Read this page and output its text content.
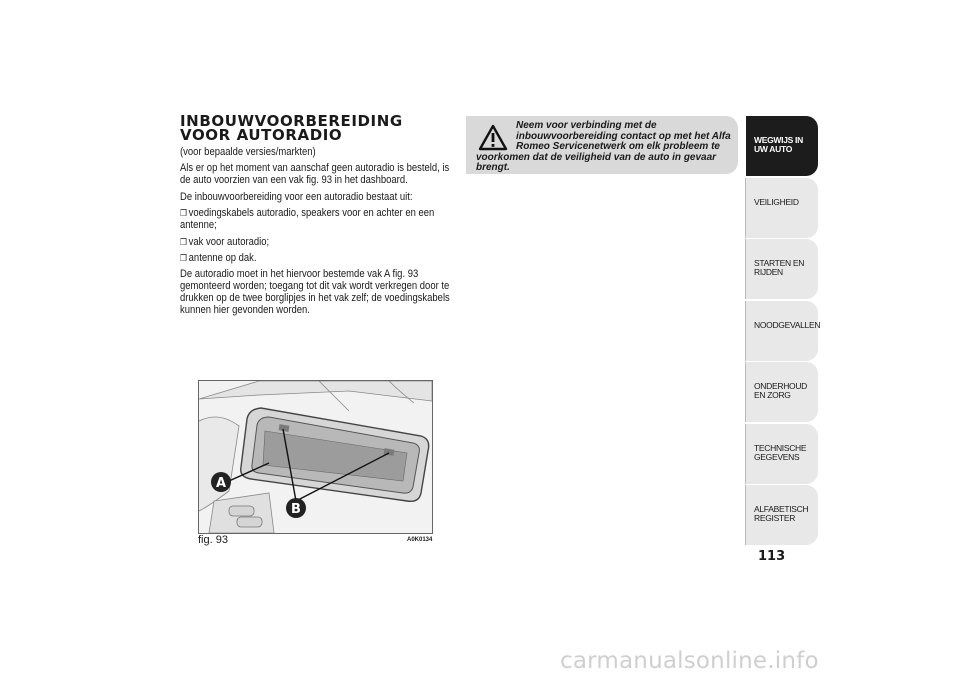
INBOUWVOORBEREIDING VOOR AUTORADIO

(voor bepaalde versies/markten)

Als er op het moment van aanschaf geen autoradio is besteld, is de auto voorzien van een vak fig. 93 in het dashboard.

De inbouwvoorbereiding voor een autoradio bestaat uit:

❒ voedingskabels autoradio, speakers voor en achter en een antenne;

❒ vak voor autoradio;

❒ antenne op dak.

De autoradio moet in het hiervoor bestemde vak A fig. 93 gemonteerd worden; toegang tot dit vak wordt verkregen door te drukken op de twee borglipjes in het vak zelf; de voedingskabels kunnen hier gevonden worden.

A
B
fig. 93	A0K0134
Neem voor verbinding met de inbouwvoorbereiding contact op met het Alfa Romeo Servicenetwerk om elk probleem te voorkomen dat de veiligheid van de auto in gevaar brengt.
WEGWIJS IN UW AUTO
VEILIGHEID
STARTEN EN RIJDEN
NOODGEVALLEN
ONDERHOUD EN ZORG
TECHNISCHE GEGEVENS
ALFABETISCH REGISTER
113
carmanualsonline.info
